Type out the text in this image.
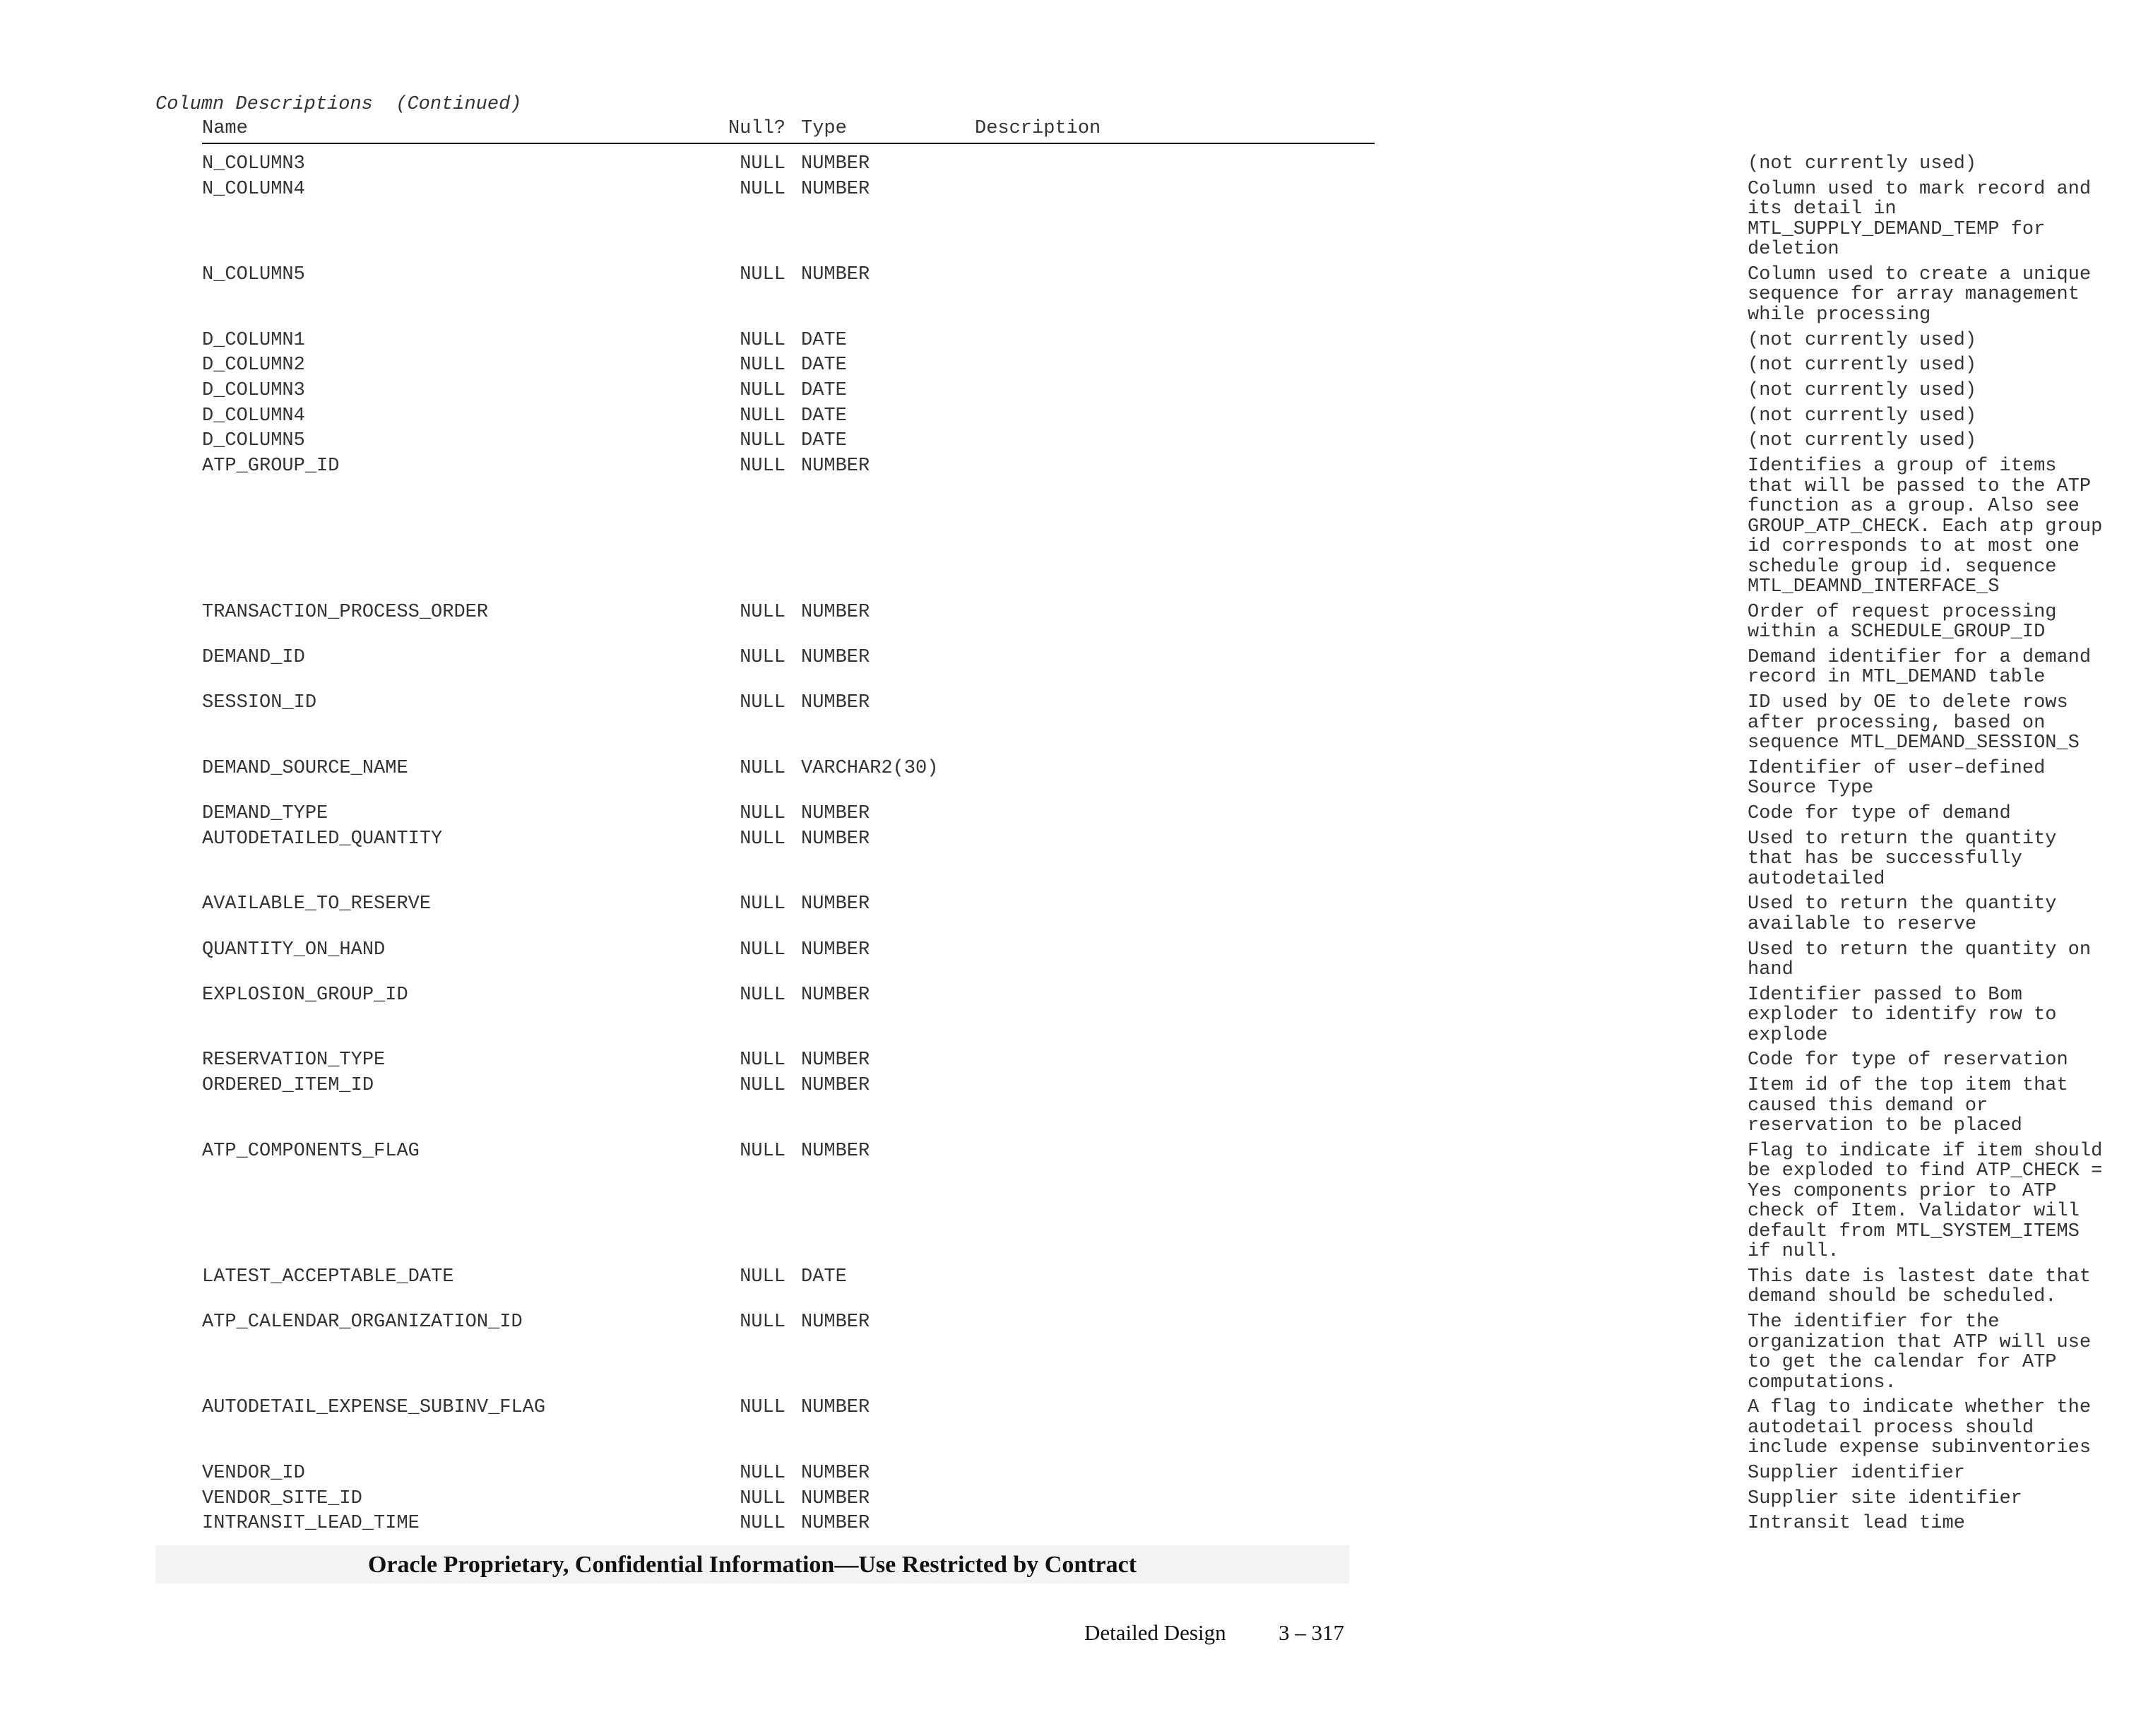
Column Descriptions  (Continued)
Name	Null? Type	Description
N_COLUMN3	NULL NUMBER	(not currently used)
N_COLUMN4	NULL NUMBER	Column used to mark record and
its detail in
MTL_SUPPLY_DEMAND_TEMP for
deletion
N_COLUMN5	NULL NUMBER	Column used to create a unique
sequence for array management
while processing
D_COLUMN1	NULL DATE	(not currently used)
D_COLUMN2	NULL DATE	(not currently used)
D_COLUMN3	NULL DATE	(not currently used)
D_COLUMN4	NULL DATE	(not currently used)
D_COLUMN5	NULL DATE	(not currently used)
ATP_GROUP_ID	NULL NUMBER	Identifies a group of items
that will be passed to the ATP
function as a group. Also see
GROUP_ATP_CHECK. Each atp group
id corresponds to at most one
schedule group id. sequence
MTL_DEAMND_INTERFACE_S
TRANSACTION_PROCESS_ORDER	NULL NUMBER	Order of request processing
within a SCHEDULE_GROUP_ID
DEMAND_ID	NULL NUMBER	Demand identifier for a demand
record in MTL_DEMAND table
SESSION_ID	NULL NUMBER	ID used by OE to delete rows
after processing, based on
sequence MTL_DEMAND_SESSION_S
DEMAND_SOURCE_NAME	NULL VARCHAR2(30)	Identifier of user–defined
Source Type
DEMAND_TYPE	NULL NUMBER	Code for type of demand
AUTODETAILED_QUANTITY	NULL NUMBER	Used to return the quantity
that has be successfully
autodetailed
AVAILABLE_TO_RESERVE	NULL NUMBER	Used to return the quantity
available to reserve
QUANTITY_ON_HAND	NULL NUMBER	Used to return the quantity on
hand
EXPLOSION_GROUP_ID	NULL NUMBER	Identifier passed to Bom
exploder to identify row to
explode
RESERVATION_TYPE	NULL NUMBER	Code for type of reservation
ORDERED_ITEM_ID	NULL NUMBER	Item id of the top item that
caused this demand or
reservation to be placed
ATP_COMPONENTS_FLAG	NULL NUMBER	Flag to indicate if item should
be exploded to find ATP_CHECK =
Yes components prior to ATP
check of Item. Validator will
default from MTL_SYSTEM_ITEMS
if null.
LATEST_ACCEPTABLE_DATE	NULL DATE	This date is lastest date that
demand should be scheduled.
ATP_CALENDAR_ORGANIZATION_ID	NULL NUMBER	The identifier for the
organization that ATP will use
to get the calendar for ATP
computations.
AUTODETAIL_EXPENSE_SUBINV_FLAG	NULL NUMBER	A flag to indicate whether the
autodetail process should
include expense subinventories
VENDOR_ID	NULL NUMBER	Supplier identifier
VENDOR_SITE_ID	NULL NUMBER	Supplier site identifier
INTRANSIT_LEAD_TIME	NULL NUMBER	Intransit lead time
Oracle Proprietary, Confidential Information––Use Restricted by Contract
Detailed Design 3 – 317
